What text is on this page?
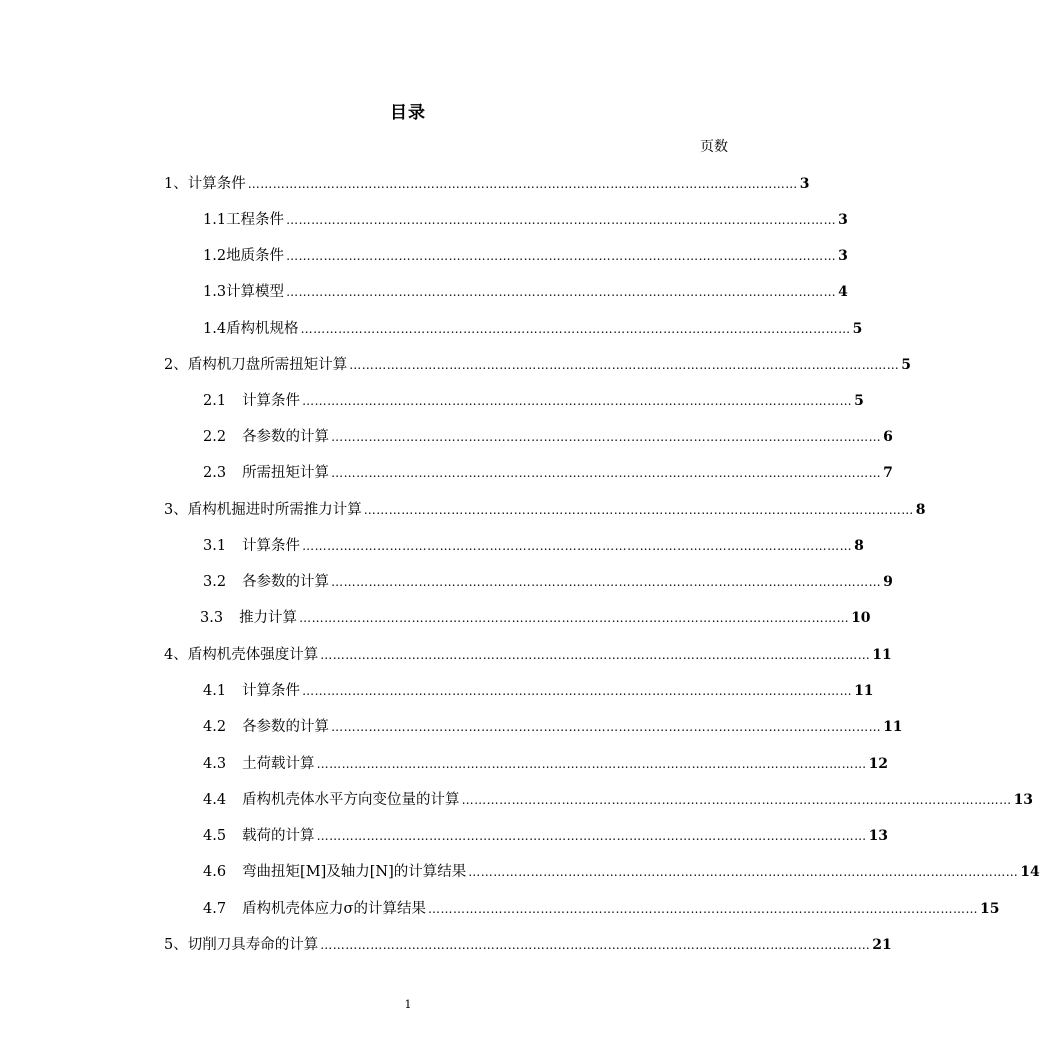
目录
页数
1、 计算条件 …………………………………………………………………………………………………………………… 3
1.1 工程条件 …………………………………………………………………………………………………………………… 3
1.2 地质条件 …………………………………………………………………………………………………………………… 3
1.3 计算模型 …………………………………………………………………………………………………………………… 4
1.4 盾构机规格 …………………………………………………………………………………………………………………… 5
2、 盾构机刀盘所需扭矩计算 …………………………………………………………………………………………………………………… 5
2.1 计算条件 …………………………………………………………………………………………………………………… 5
2.2 各参数的计算 …………………………………………………………………………………………………………………… 6
2.3 所需扭矩计算 …………………………………………………………………………………………………………………… 7
3、 盾构机掘进时所需推力计算 …………………………………………………………………………………………………………………… 8
3.1 计算条件 …………………………………………………………………………………………………………………… 8
3.2 各参数的计算 …………………………………………………………………………………………………………………… 9
3.3 推力计算 …………………………………………………………………………………………………………………… 10
4、 盾构机壳体强度计算 …………………………………………………………………………………………………………………… 11
4.1 计算条件 …………………………………………………………………………………………………………………… 11
4.2 各参数的计算 …………………………………………………………………………………………………………………… 11
4.3 土荷载计算 …………………………………………………………………………………………………………………… 12
4.4 盾构机壳体水平方向变位量的计算 …………………………………………………………………………………………………………………… 13
4.5 载荷的计算 …………………………………………………………………………………………………………………… 13
4.6 弯曲扭矩[M]及轴力[N]的计算结果 …………………………………………………………………………………………………………………… 14
4.7 盾构机壳体应力σ的计算结果 …………………………………………………………………………………………………………………… 15
5、 切削刀具寿命的计算 …………………………………………………………………………………………………………………… 21
1
